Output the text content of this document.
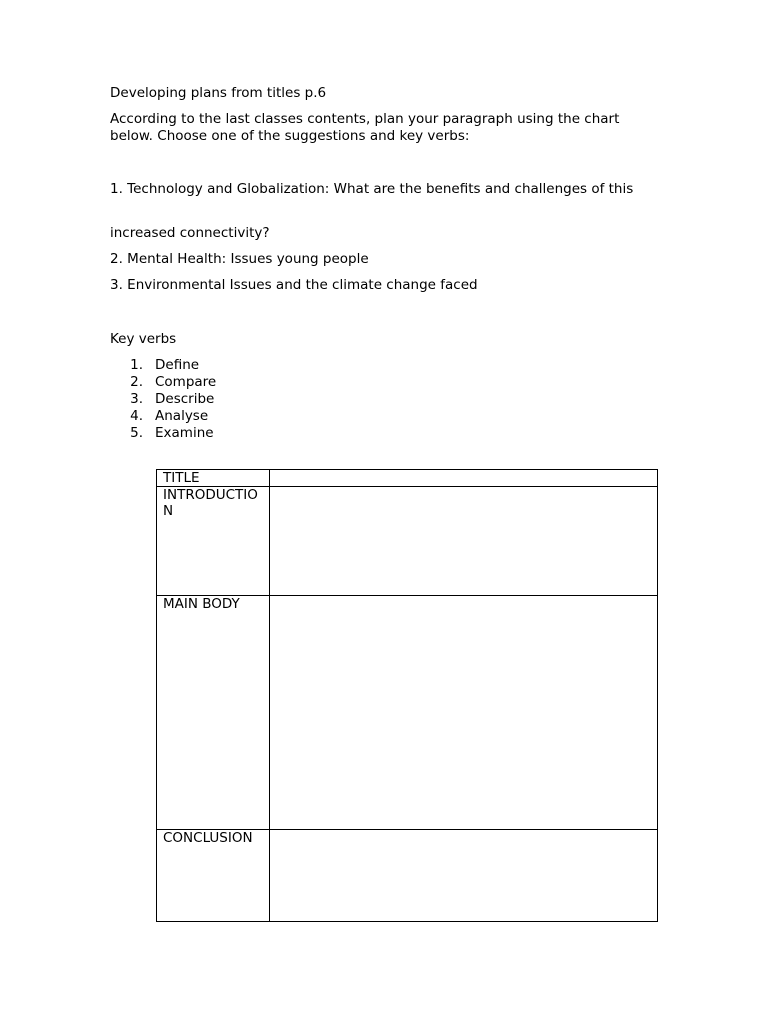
Developing plans from titles p.6

According to the last classes contents, plan your paragraph using the chart below. Choose one of the suggestions and key verbs:

1. Technology and Globalization: What are the benefits and challenges of this

increased connectivity?

2. Mental Health: Issues young people

3. Environmental Issues and the climate change faced

Key verbs

1. Define
2. Compare
3. Describe
4. Analyse
5. Examine
TITLE	
INTRODUCTION	
MAIN BODY	
CONCLUSION	
